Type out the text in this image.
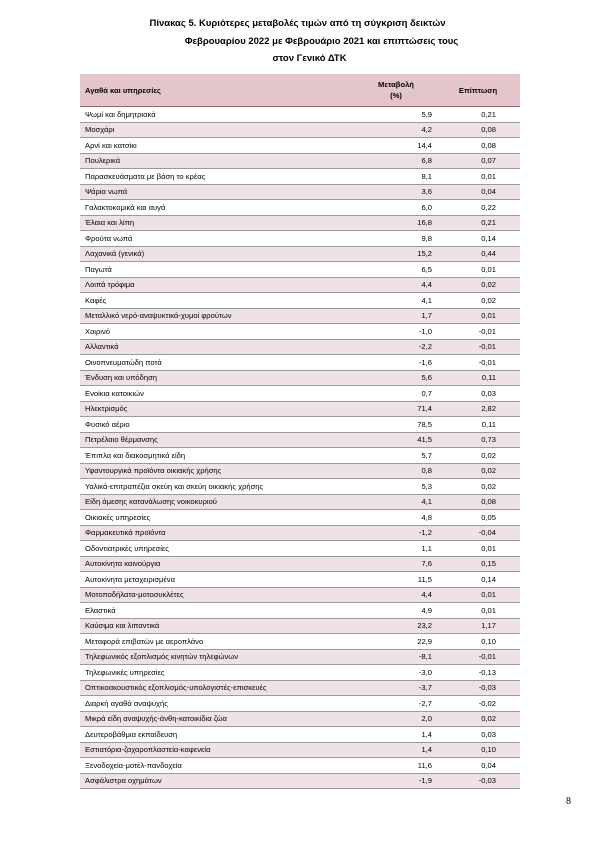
Πίνακας 5. Κυριότερες μεταβολές τιμών από τη σύγκριση δεικτών
Φεβρουαρίου 2022 με Φεβρουάριο 2021 και επιπτώσεις τους
στον Γενικό ΔΤΚ
Αγαθά και υπηρεσίες	Μεταβολή
(%)	Επίπτωση
Ψωμί και δημητριακά	5,9	0,21
Μοσχάρι	4,2	0,08
Αρνί και κατσίκι	14,4	0,08
Πουλερικά	6,8	0,07
Παρασκευάσματα με βάση το κρέας	8,1	0,01
Ψάρια νωπά	3,6	0,04
Γαλακτοκομικά και αυγά	6,0	0,22
Έλαια και λίπη	16,8	0,21
Φρούτα νωπά	9,8	0,14
Λαχανικά (γενικά)	15,2	0,44
Παγωτά	6,5	0,01
Λοιπά τρόφιμα	4,4	0,02
Καφές	4,1	0,02
Μεταλλικό νερό-αναψυκτικά-χυμοί φρούτων	1,7	0,01
Χοιρινό	-1,0	-0,01
Αλλαντικά	-2,2	-0,01
Οινοπνευματώδη ποτά	-1,6	-0,01
Ένδυση και υπόδηση	5,6	0,11
Ενοίκια κατοικιών	0,7	0,03
Ηλεκτρισμός	71,4	2,82
Φυσικό αέριο	78,5	0,11
Πετρέλαιο θέρμανσης	41,5	0,73
Έπιπλα και διακοσμητικά είδη	5,7	0,02
Υφαντουργικά προϊόντα οικιακής χρήσης	0,8	0,02
Υαλικά-επιτραπέζια σκεύη και σκεύη οικιακής χρήσης	5,3	0,02
Είδη άμεσης κατανάλωσης νοικοκυριού	4,1	0,08
Οικιακές υπηρεσίες	4,8	0,05
Φαρμακευτικά προϊόντα	-1,2	-0,04
Οδοντιατρικές υπηρεσίες	1,1	0,01
Αυτοκίνητα καινούργια	7,6	0,15
Αυτοκίνητα μεταχειρισμένα	11,5	0,14
Μοτοποδήλατα-μοτοσυκλέτες	4,4	0,01
Ελαστικά	4,9	0,01
Καύσιμα και λιπαντικά	23,2	1,17
Μεταφορά επιβατών με αεροπλάνο	22,9	0,10
Τηλεφωνικός εξοπλισμός κινητών τηλεφώνων	-8,1	-0,01
Τηλεφωνικές υπηρεσίες	-3,0	-0,13
Οπτικοακουστικός εξοπλισμός-υπολογιστές-επισκευές	-3,7	-0,03
Διαρκή αγαθά αναψυχής	-2,7	-0,02
Μικρά είδη αναψυχής-άνθη-κατοικίδια ζώα	2,0	0,02
Δευτεροβάθμια εκπαίδευση	1,4	0,03
Εστιατόρια-ζαχαροπλαστεία-καφενεία	1,4	0,10
Ξενοδοχεία-μοτέλ-πανδοχεία	11,6	0,04
Ασφάλιστρα οχημάτων	-1,9	-0,03
8
